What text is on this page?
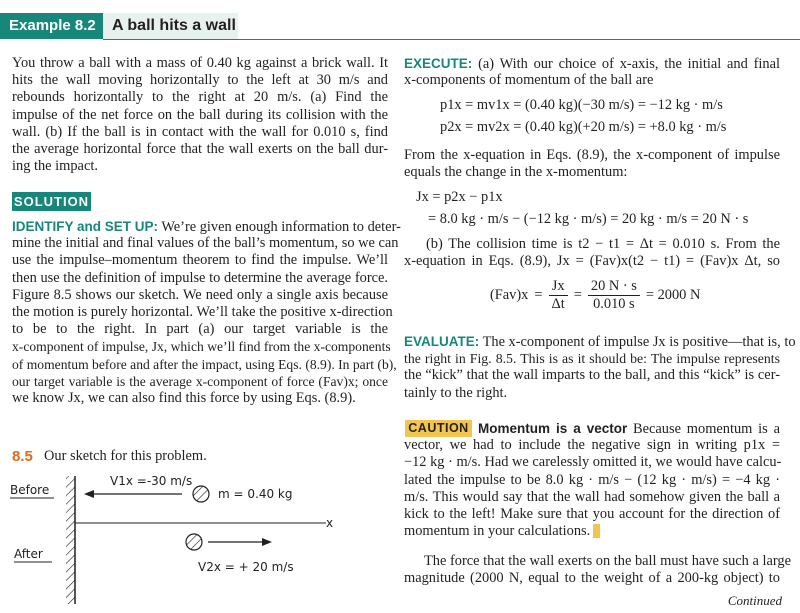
Example 8.2	A ball hits a wall
You throw a ball with a mass of 0.40 kg against a brick wall. It
hits the wall moving horizontally to the left at 30 m/s and
rebounds horizontally to the right at 20 m/s. (a) Find the
impulse of the net force on the ball during its collision with the
wall. (b) If the ball is in contact with the wall for 0.010 s, find
the average horizontal force that the wall exerts on the ball dur-
ing the impact.
SOLUTION
IDENTIFY and SET UP: We’re given enough information to deter-
mine the initial and final values of the ball’s momentum, so we can
use the impulse–momentum theorem to find the impulse. We’ll
then use the definition of impulse to determine the average force.
Figure 8.5 shows our sketch. We need only a single axis because
the motion is purely horizontal. We’ll take the positive x-direction
to be to the right. In part (a) our target variable is the
x-component of impulse, Jx, which we’ll find from the x-components
of momentum before and after the impact, using Eqs. (8.9). In part (b),
our target variable is the average x-component of force (Fav)x; once
we know Jx, we can also find this force by using Eqs. (8.9).
8.5 Our sketch for this problem.
Before
V1x =-30 m/s
m = 0.40 kg
x
After
V2x = + 20 m/s
EXECUTE: (a) With our choice of x-axis, the initial and final
x-components of momentum of the ball are
p1x = mv1x = (0.40 kg)(−30 m/s) = −12 kg · m/s
p2x = mv2x = (0.40 kg)(+20 m/s) = +8.0 kg · m/s
From the x-equation in Eqs. (8.9), the x-component of impulse
equals the change in the x-momentum:
Jx = p2x − p1x
= 8.0 kg · m/s − (−12 kg · m/s) = 20 kg · m/s = 20 N · s
(b) The collision time is t2 − t1 = Δt = 0.010 s. From the
x-equation in Eqs. (8.9), Jx = (Fav)x(t2 − t1) = (Fav)x Δt, so
$(Fav)x = \frac{Jx}{\Delta t} = \frac{20 N \cdot s}{0.010 s} = 2000$ N
EVALUATE: The x-component of impulse Jx is positive—that is, to
the right in Fig. 8.5. This is as it should be: The impulse represents
the “kick” that the wall imparts to the ball, and this “kick” is cer-
tainly to the right.
CAUTION Momentum is a vector Because momentum is a
vector, we had to include the negative sign in writing p1x =
−12 kg · m/s. Had we carelessly omitted it, we would have calcu-
lated the impulse to be 8.0 kg · m/s − (12 kg · m/s) = −4 kg ·
m/s. This would say that the wall had somehow given the ball a
kick to the left! Make sure that you account for the direction of
momentum in your calculations.
The force that the wall exerts on the ball must have such a large
magnitude (2000 N, equal to the weight of a 200-kg object) to
Continued
